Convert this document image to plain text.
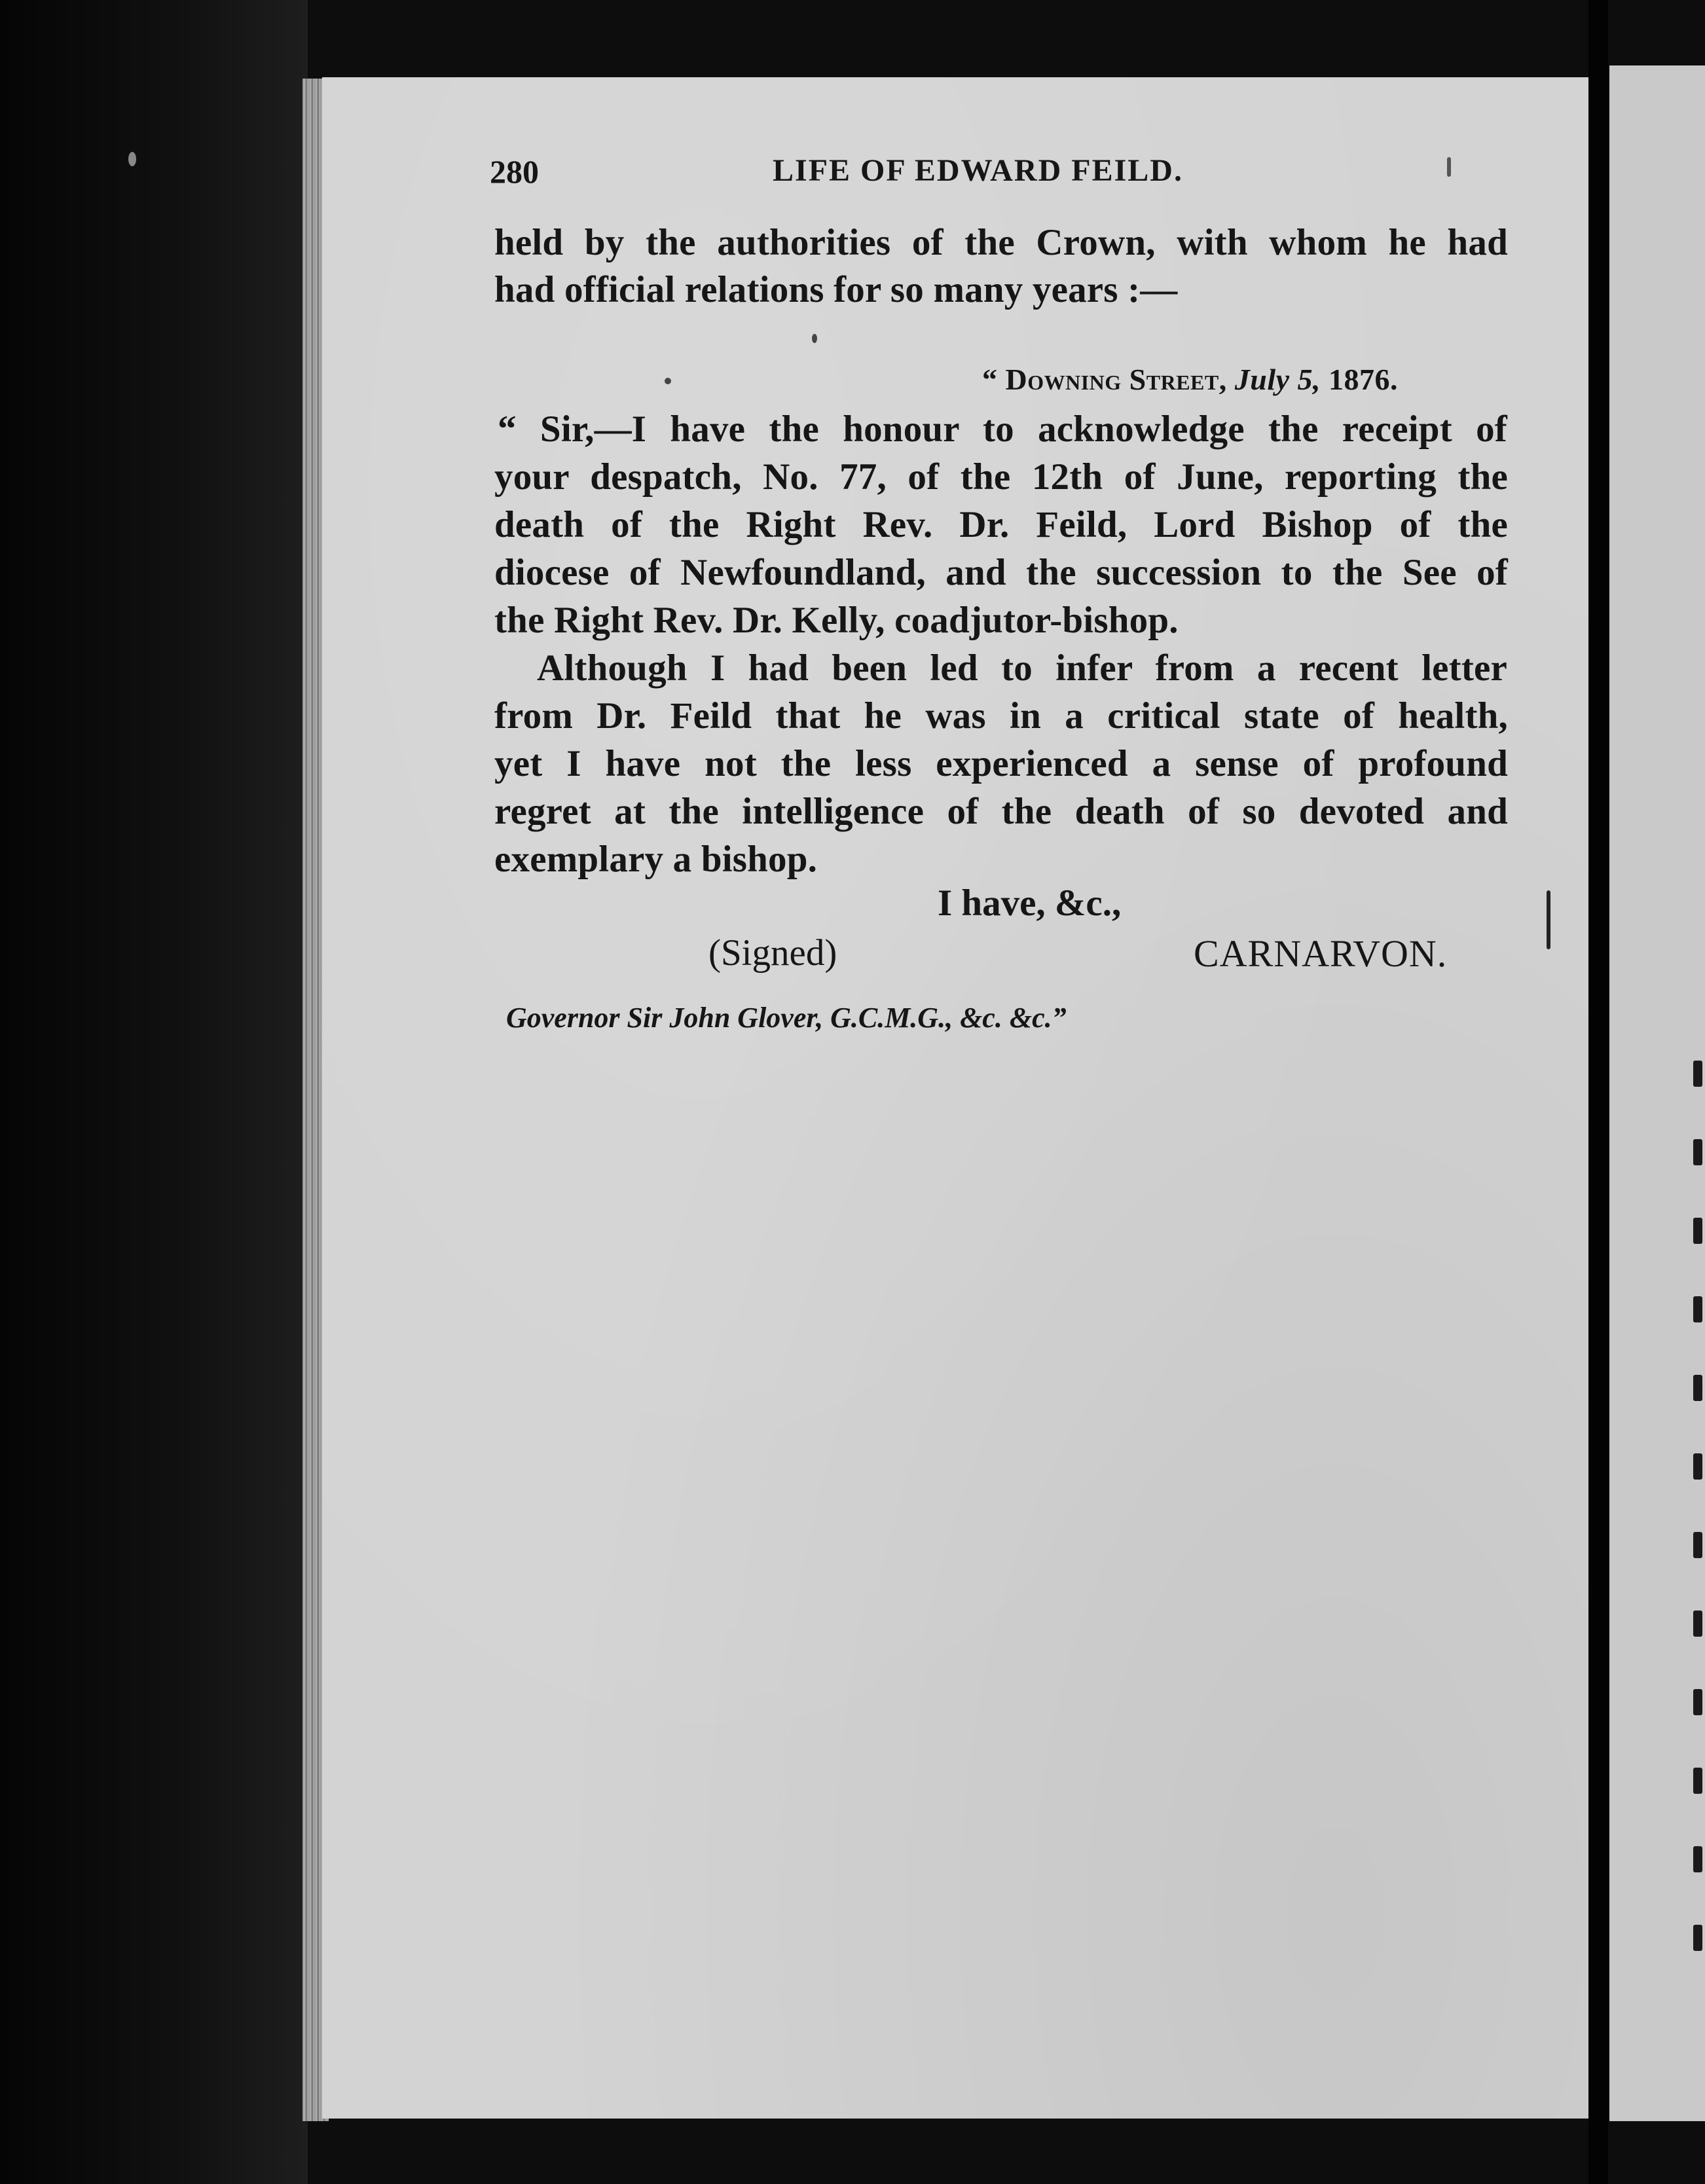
280	LIFE OF EDWARD FEILD.
held by the authorities of the Crown, with whom he had
had official relations for so many years :—
“ Downing Street, July 5, 1876.
“ Sir,—I have the honour to acknowledge the receipt of
your despatch, No. 77, of the 12th of June, reporting the
death of the Right Rev. Dr. Feild, Lord Bishop of the
diocese of Newfoundland, and the succession to the See of
the Right Rev. Dr. Kelly, coadjutor-bishop.
Although I had been led to infer from a recent letter
from Dr. Feild that he was in a critical state of health,
yet I have not the less experienced a sense of profound
regret at the intelligence of the death of so devoted and
exemplary a bishop.
I have, &c.,
(Signed)	CARNARVON.
Governor Sir John Glover, G.C.M.G., &c. &c.”
